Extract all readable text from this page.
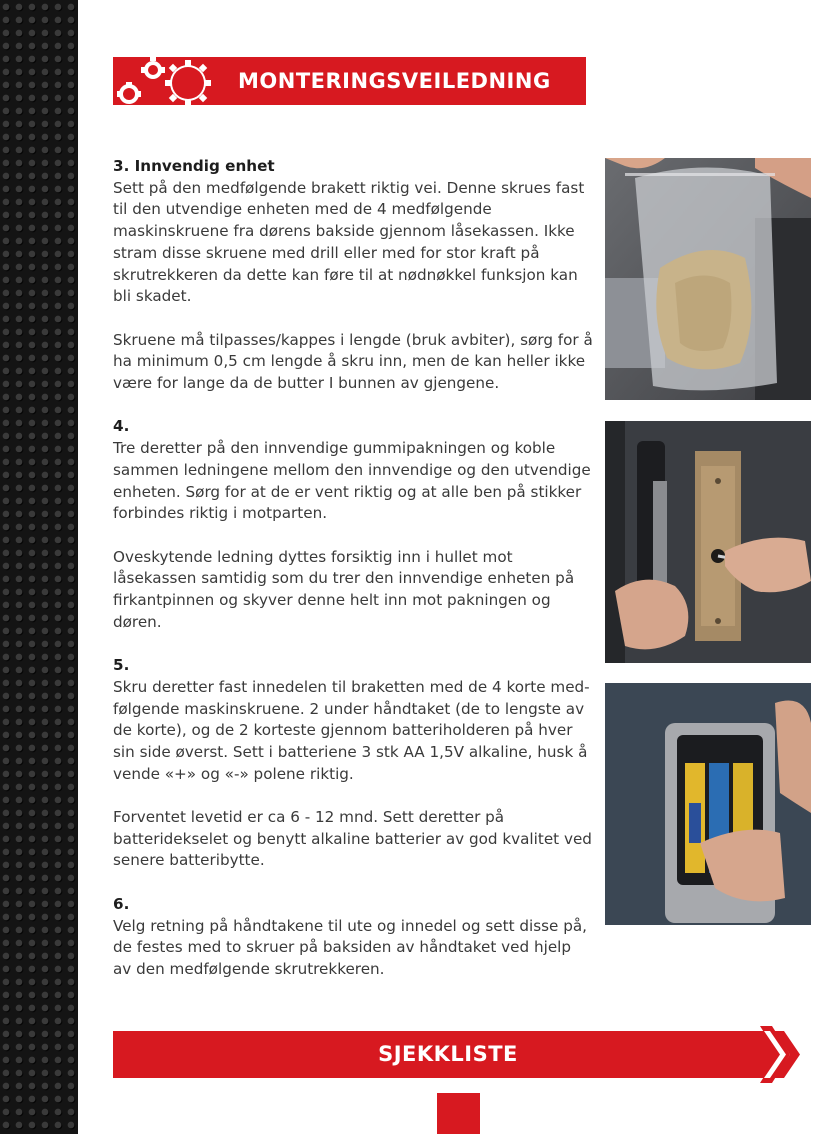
MONTERINGSVEILEDNING

3. Innvendig enhet

Sett på den medfølgende brakett riktig vei. Denne skrues fast til den utvendige enheten med de 4 medfølgende maskinskruene fra dørens bakside gjennom låsekassen. Ikke stram disse skruene med drill eller med for stor kraft på skrutrekkeren da dette kan føre til at nødnøkkel funksjon kan bli skadet.

Skruene må tilpasses/kappes i lengde (bruk avbiter), sørg for å ha minimum 0,5 cm lengde å skru inn, men de kan heller ikke være for lange da de butter I bunnen av gjengene.

4.

Tre deretter på den innvendige gummipakningen og koble sammen ledningene mellom den innvendige og den utvendige enheten. Sørg for at de er vent riktig og at alle ben på stikker forbindes riktig i motparten.

Oveskytende ledning dyttes forsiktig inn i hullet mot låsekassen samtidig som du trer den innvendige enheten på firkantpinnen og skyver denne helt inn mot pakningen og døren.

5.

Skru deretter fast innedelen til braketten med de 4 korte med-følgende maskinskruene. 2 under håndtaket (de to lengste av de korte), og de 2 korteste gjennom batteriholderen på hver sin side øverst. Sett i batteriene 3 stk AA 1,5V alkaline, husk å vende «+» og «-» polene riktig.

Forventet levetid er ca 6 - 12 mnd. Sett deretter på batteridekselet og benytt alkaline batterier av god kvalitet ved senere batteribytte.

6.

Velg retning på håndtakene til ute og innedel og sett disse på, de festes med to skruer på baksiden av håndtaket ved hjelp av den medfølgende skrutrekkeren.

SJEKKLISTE
